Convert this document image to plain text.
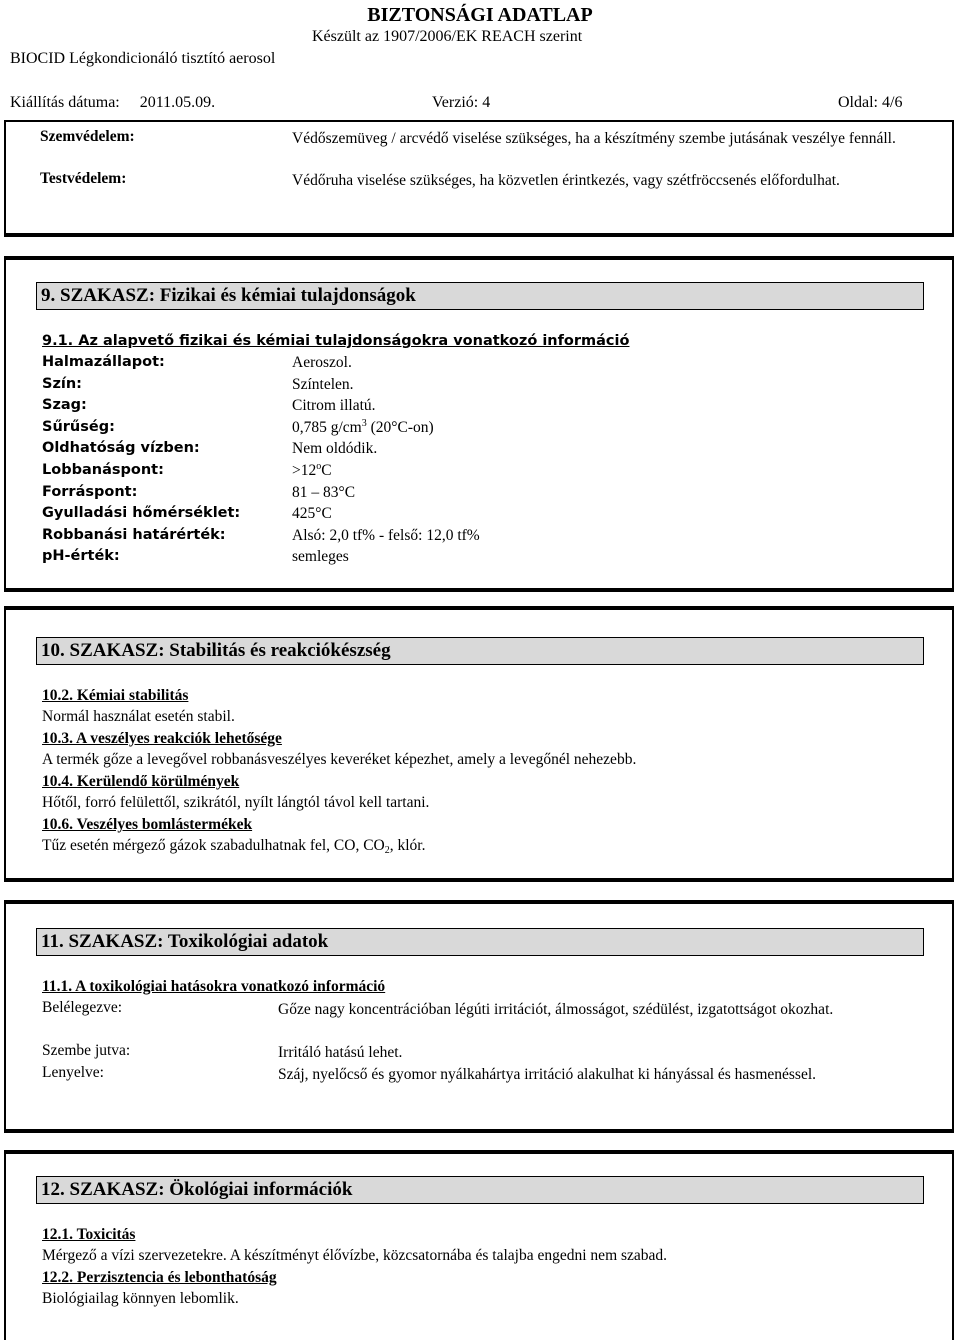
BIZTONSÁGI ADATLAP
Készült az 1907/2006/EK REACH szerint
BIOCID Légkondicionáló tisztító aerosol
Kiállítás dátuma:     2011.05.09.	Verzió: 4	Oldal: 4/6
Szemvédelem:	Védőszemüveg / arcvédő viselése szükséges, ha a készítmény szembe jutásának veszélye fennáll.
Testvédelem:	Védőruha viselése szükséges, ha közvetlen érintkezés, vagy szétfröccsenés előfordulhat.
9. SZAKASZ: Fizikai és kémiai tulajdonságok
9.1. Az alapvető fizikai és kémiai tulajdonságokra vonatkozó információ
Halmazállapot:	Aeroszol.
Szín:	Színtelen.
Szag:	Citrom illatú.
Sűrűség:	0,785 $g/cm^3$ (20°C-on)
Oldhatóság vízben:	Nem oldódik.
Lobbanáspont:	$>12^oC$
Forráspont:	81 – 83°C
Gyulladási hőmérséklet:	425°C
Robbanási határérték:	Alsó: 2,0 tf% - felső: 12,0 tf%
pH-érték:	semleges
10. SZAKASZ: Stabilitás és reakciókészség
10.2. Kémiai stabilitás
Normál használat esetén stabil.
10.3. A veszélyes reakciók lehetősége
A termék gőze a levegővel robbanásveszélyes keveréket képezhet, amely a levegőnél nehezebb.
10.4. Kerülendő körülmények
Hőtől, forró felülettől, szikrától, nyílt lángtól távol kell tartani.
10.6. Veszélyes bomlástermékek
Tűz esetén mérgező gázok szabadulhatnak fel, CO, $CO_2$, klór.
11. SZAKASZ: Toxikológiai adatok
11.1. A toxikológiai hatásokra vonatkozó információ
Belélegezve:	Gőze nagy koncentrációban légúti irritációt, álmosságot, szédülést, izgatottságot okozhat.
Szembe jutva:	Irritáló hatású lehet.
Lenyelve:	Száj, nyelőcső és gyomor nyálkahártya irritáció alakulhat ki hányással és hasmenéssel.
12. SZAKASZ: Ökológiai információk
12.1. Toxicitás
Mérgező a vízi szervezetekre. A készítményt élővízbe, közcsatornába és talajba engedni nem szabad.
12.2. Perzisztencia és lebonthatóság
Biológiailag könnyen lebomlik.
